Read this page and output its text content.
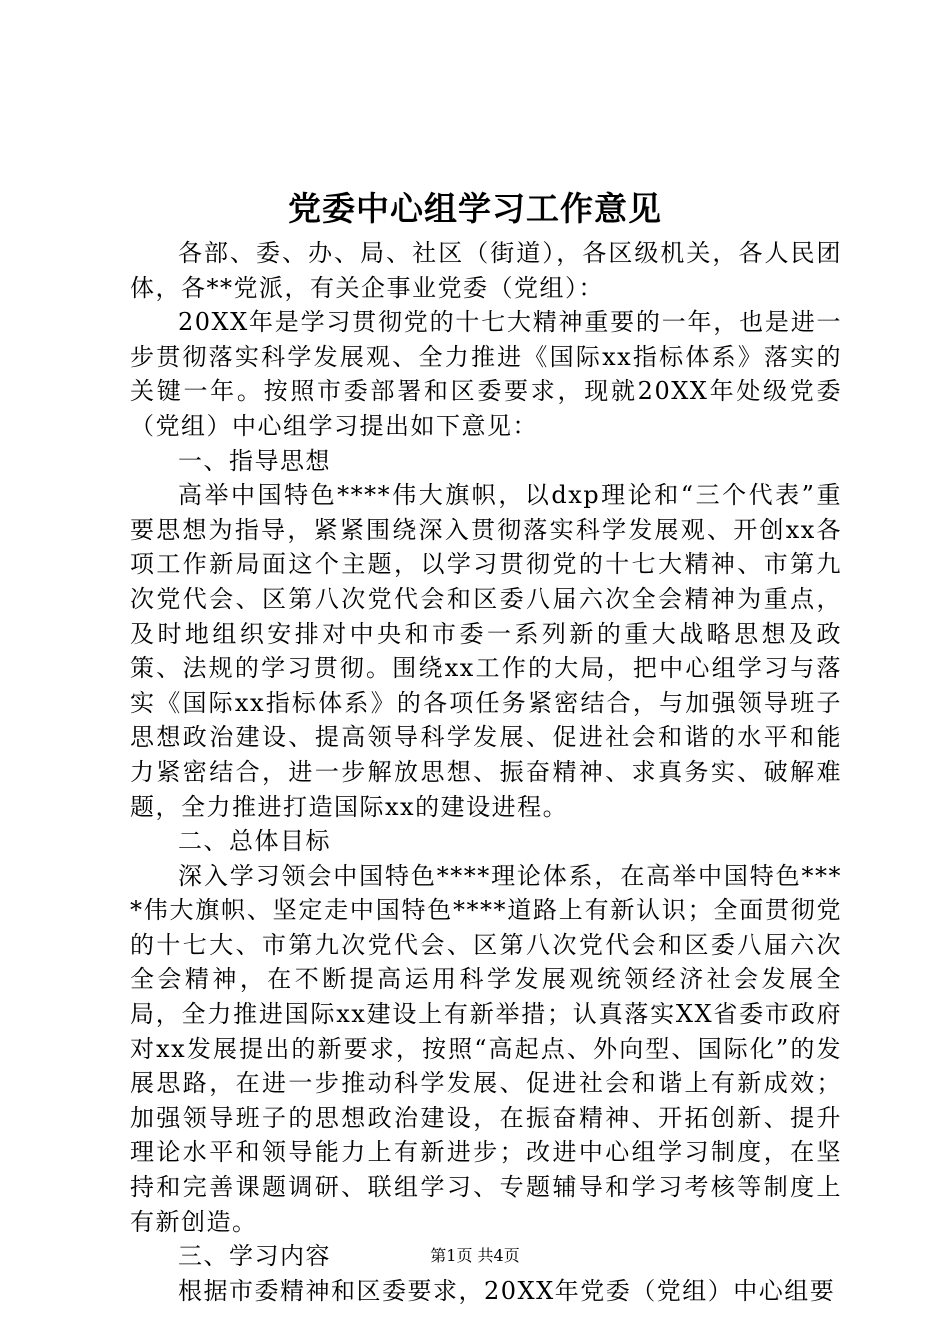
党委中心组学习工作意见

各部、委、办、局、社区（街道），各区级机关，各人民团体，各**党派，有关企事业党委（党组）：

20XX年是学习贯彻党的十七大精神重要的一年，也是进一步贯彻落实科学发展观、全力推进《国际xx指标体系》落实的关键一年。按照市委部署和区委要求，现就20XX年处级党委（党组）中心组学习提出如下意见：

一、指导思想

高举中国特色****伟大旗帜，以dxp理论和“三个代表”重要思想为指导，紧紧围绕深入贯彻落实科学发展观、开创xx各项工作新局面这个主题，以学习贯彻党的十七大精神、市第九次党代会、区第八次党代会和区委八届六次全会精神为重点，及时地组织安排对中央和市委一系列新的重大战略思想及政策、法规的学习贯彻。围绕xx工作的大局，把中心组学习与落实《国际xx指标体系》的各项任务紧密结合，与加强领导班子思想政治建设、提高领导科学发展、促进社会和谐的水平和能力紧密结合，进一步解放思想、振奋精神、求真务实、破解难题，全力推进打造国际xx的建设进程。

二、总体目标

深入学习领会中国特色****理论体系，在高举中国特色****伟大旗帜、坚定走中国特色****道路上有新认识；全面贯彻党的十七大、市第九次党代会、区第八次党代会和区委八届六次全会精神，在不断提高运用科学发展观统领经济社会发展全局，全力推进国际xx建设上有新举措；认真落实XX省委市政府对xx发展提出的新要求，按照“高起点、外向型、国际化”的发展思路，在进一步推动科学发展、促进社会和谐上有新成效；加强领导班子的思想政治建设，在振奋精神、开拓创新、提升理论水平和领导能力上有新进步；改进中心组学习制度，在坚持和完善课题调研、联组学习、专题辅导和学习考核等制度上有新创造。

三、学习内容

根据市委精神和区委要求，20XX年党委（党组）中心组要

第1页 共4页
